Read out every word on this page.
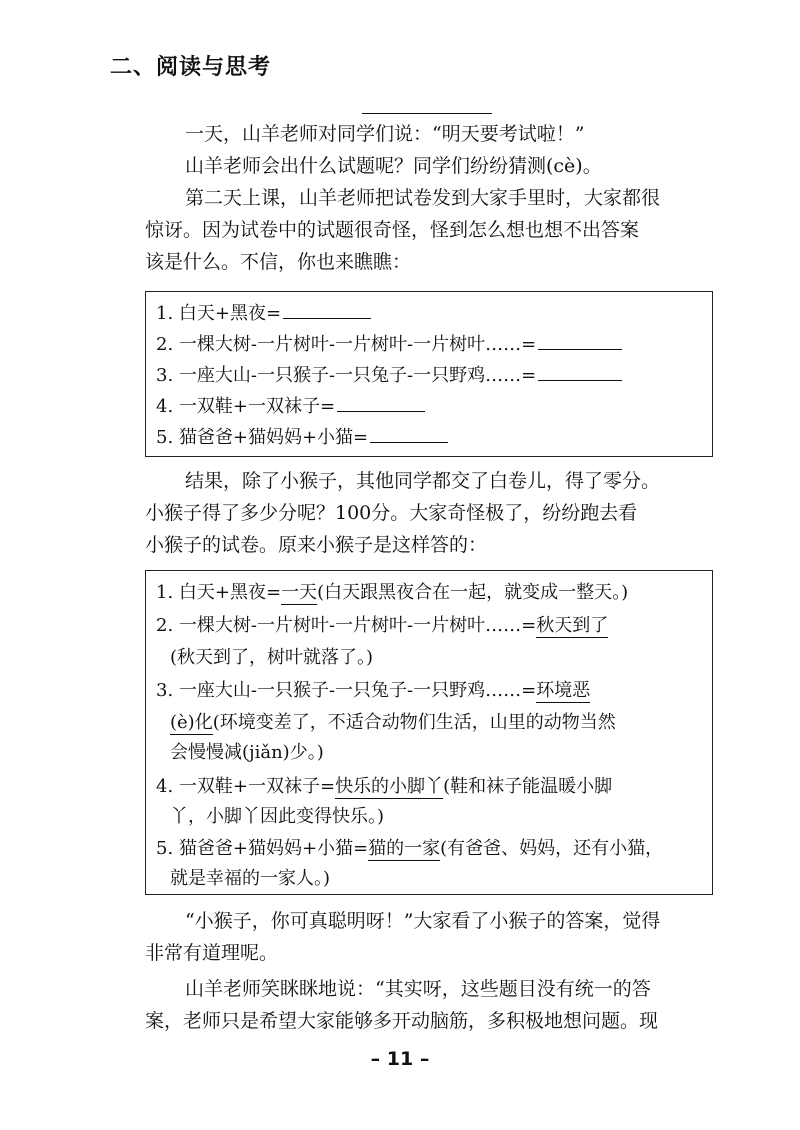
二、阅读与思考
一天，山羊老师对同学们说：“明天要考试啦！”
山羊老师会出什么试题呢？同学们纷纷猜测(cè)。
第二天上课，山羊老师把试卷发到大家手里时，大家都很
惊讶。因为试卷中的试题很奇怪，怪到怎么想也想不出答案
该是什么。不信，你也来瞧瞧：
1. 白天+黑夜=
2. 一棵大树-一片树叶-一片树叶-一片树叶……=
3. 一座大山-一只猴子-一只兔子-一只野鸡……=
4. 一双鞋+一双袜子=
5. 猫爸爸+猫妈妈+小猫=
结果，除了小猴子，其他同学都交了白卷儿，得了零分。
小猴子得了多少分呢？100分。大家奇怪极了，纷纷跑去看
小猴子的试卷。原来小猴子是这样答的：
1. 白天+黑夜=一天(白天跟黑夜合在一起，就变成一整天。)
2. 一棵大树-一片树叶-一片树叶-一片树叶……=秋天到了
(秋天到了，树叶就落了。)
3. 一座大山-一只猴子-一只兔子-一只野鸡……=环境恶
(è)化(环境变差了，不适合动物们生活，山里的动物当然
会慢慢减(jiǎn)少。)
4. 一双鞋+一双袜子=快乐的小脚丫(鞋和袜子能温暖小脚
丫，小脚丫因此变得快乐。)
5. 猫爸爸+猫妈妈+小猫=猫的一家(有爸爸、妈妈，还有小猫，
就是幸福的一家人。)
“小猴子，你可真聪明呀！”大家看了小猴子的答案，觉得
非常有道理呢。
山羊老师笑眯眯地说：“其实呀，这些题目没有统一的答
案，老师只是希望大家能够多开动脑筋，多积极地想问题。现
– 11 –
